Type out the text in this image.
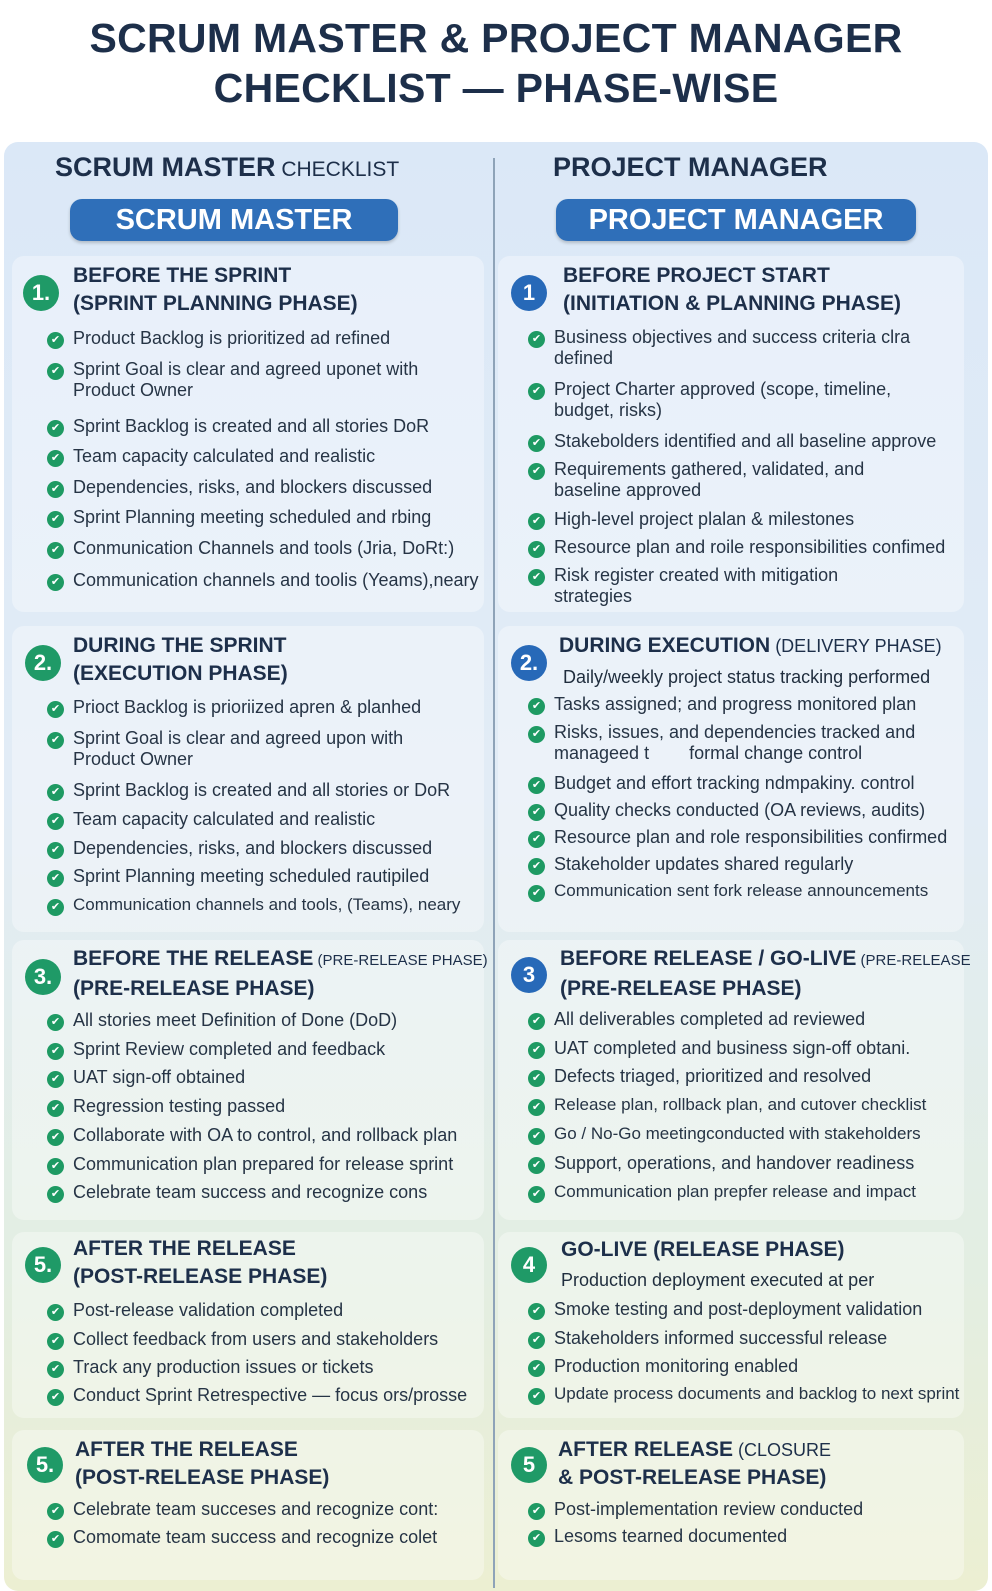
SCRUM MASTER & PROJECT MANAGER
CHECKLIST — PHASE-WISE
SCRUM MASTER CHECKLIST	PROJECT MANAGER
SCRUM MASTER	PROJECT MANAGER
1.
BEFORE THE SPRINT
(SPRINT PLANNING PHASE)
✔
Product Backlog is prioritized ad refined
✔
Sprint Goal is clear and agreed uponet with
Product Owner
✔
Sprint Backlog is created and all stories DoR
✔
Team capacity calculated and realistic
✔
Dependencies, risks, and blockers discussed
✔
Sprint Planning meeting scheduled and rbing
✔
Conmunication Channels and tools (Jria, DoRt:)
✔
Communication channels and toolis (Yeams),neary
2.
DURING THE SPRINT
(EXECUTION PHASE)
✔
Prioct Backlog is prioriized apren & planhed
✔
Sprint Goal is clear and agreed upon with
Product Owner
✔
Sprint Backlog is created and all stories or DoR
✔
Team capacity calculated and realistic
✔
Dependencies, risks, and blockers discussed
✔
Sprint Planning meeting scheduled rautipiled
✔
Communication channels and tools, (Teams), neary
3.
BEFORE THE RELEASE (PRE-RELEASE PHASE)
(PRE-RELEASE PHASE)
✔
All stories meet Definition of Done (DoD)
✔
Sprint Review completed and feedback
✔
UAT sign-off obtained
✔
Regression testing passed
✔
Collaborate with OA to control, and rollback plan
✔
Communication plan prepared for release sprint
✔
Celebrate team success and recognize cons
5.
AFTER THE RELEASE
(POST-RELEASE PHASE)
✔
Post-release validation completed
✔
Collect feedback from users and stakeholders
✔
Track any production issues or tickets
✔
Conduct Sprint Retrespective — focus ors/prosse
5.
AFTER THE RELEASE
(POST-RELEASE PHASE)
✔
Celebrate team succeses and recognize cont:
✔
Comomate team success and recognize colet
1
BEFORE PROJECT START
(INITIATION & PLANNING PHASE)
✔
Business objectives and success criteria clra
defined
✔
Project Charter approved (scope, timeline,
budget, risks)
✔
Stakebolders identified and all baseline approve
✔
Requirements gathered, validated, and
baseline approved
✔
High-level project plalan & milestones
✔
Resource plan and roile responsibilities confimed
✔
Risk register created with mitigation
strategies
2.
DURING EXECUTION (DELIVERY PHASE)
Daily/weekly project status tracking performed
✔
Tasks assigned; and progress monitored plan
✔
Risks, issues, and dependencies tracked and
manageed t        formal change control
✔
Budget and effort tracking ndmpakiny. control
✔
Quality checks conducted (OA reviews, audits)
✔
Resource plan and role responsibilities confirmed
✔
Stakeholder updates shared regularly
✔
Communication sent fork release announcements
3
BEFORE RELEASE / GO-LIVE (PRE-RELEASE
(PRE-RELEASE PHASE)
✔
All deliverables completed ad reviewed
✔
UAT completed and business sign-off obtani.
✔
Defects triaged, prioritized and resolved
✔
Release plan, rollback plan, and cutover checklist
✔
Go / No-Go meetingconducted with stakeholders
✔
Support, operations, and handover readiness
✔
Communication plan prepfer release and impact
4
GO-LIVE (RELEASE PHASE)
Production deployment executed at per
✔
Smoke testing and post-deployment validation
✔
Stakeholders informed successful release
✔
Production monitoring enabled
✔
Update process documents and backlog to next sprint
5
AFTER RELEASE (CLOSURE
& POST-RELEASE PHASE)
✔
Post-implementation review conducted
✔
Lesoms tearned documented
